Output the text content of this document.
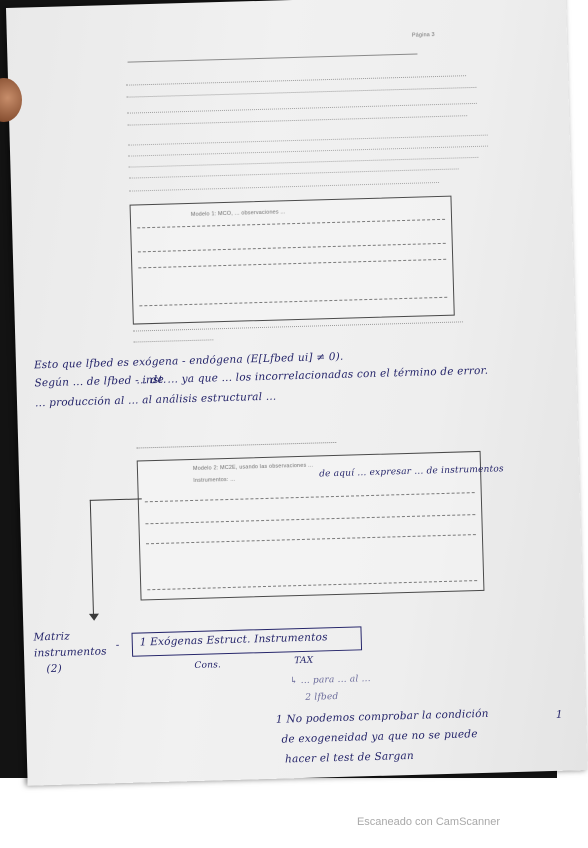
Página 3
Modelo 1: MCO, ... observaciones ...
Esto que lfbed es exógena - endógena (E[Lfbed ui] ≠ 0).
Según ... de lfbed - inst.
... de ... ya que ... los incorrelacionadas con el término de error.
... producción al ... al análisis estructural ...
Modelo 2: MC2E, usando las observaciones ...
Instrumentos: ...
de aquí ... expresar ... de instrumentos
Matriz
instrumentos
(2)
- 1 Exógenas Estruct. Instrumentos
Cons.	TAX
↳ ... para ... al ...
2 lfbed
1 No podemos comprobar la condición
de exogeneidad ya que no se puede
hacer el test de Sargan
1
Escaneado con CamScanner
